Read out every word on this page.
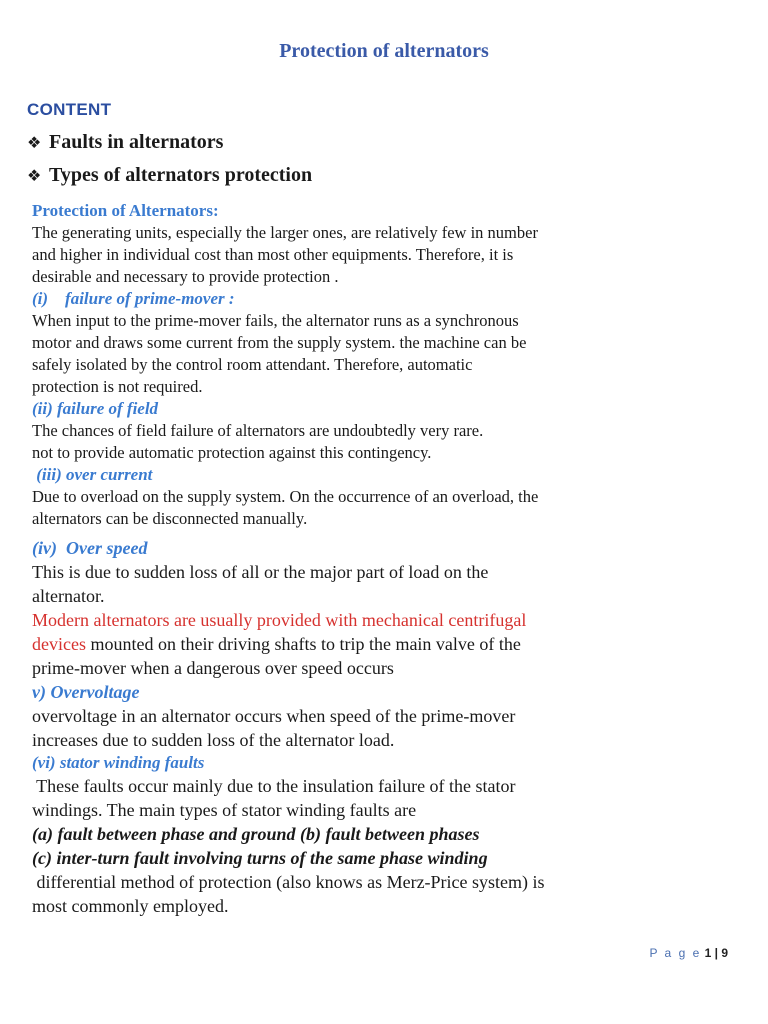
Protection of alternators
CONTENT
❖ Faults in alternators
❖ Types of alternators protection
Protection of Alternators:
The generating units, especially the larger ones, are relatively few in number
and higher in individual cost than most other equipments. Therefore, it is
desirable and necessary to provide protection .
(i)    failure of prime-mover :
When input to the prime-mover fails, the alternator runs as a synchronous
motor and draws some current from the supply system. the machine can be
safely isolated by the control room attendant. Therefore, automatic
protection is not required.
(ii) failure of field
The chances of field failure of alternators are undoubtedly very rare.
not to provide automatic protection against this contingency.
(iii) over current
Due to overload on the supply system. On the occurrence of an overload, the
alternators can be disconnected manually.
(iv)  Over speed
This is due to sudden loss of all or the major part of load on the
alternator.
Modern alternators are usually provided with mechanical centrifugal
devices mounted on their driving shafts to trip the main valve of the
prime-mover when a dangerous over speed occurs
v) Overvoltage
overvoltage in an alternator occurs when speed of the prime-mover
increases due to sudden loss of the alternator load.
(vi) stator winding faults
These faults occur mainly due to the insulation failure of the stator
windings. The main types of stator winding faults are
(a) fault between phase and ground (b) fault between phases
(c) inter-turn fault involving turns of the same phase winding
differential method of protection (also knows as Merz-Price system) is
most commonly employed.
P a g e 1 | 9
